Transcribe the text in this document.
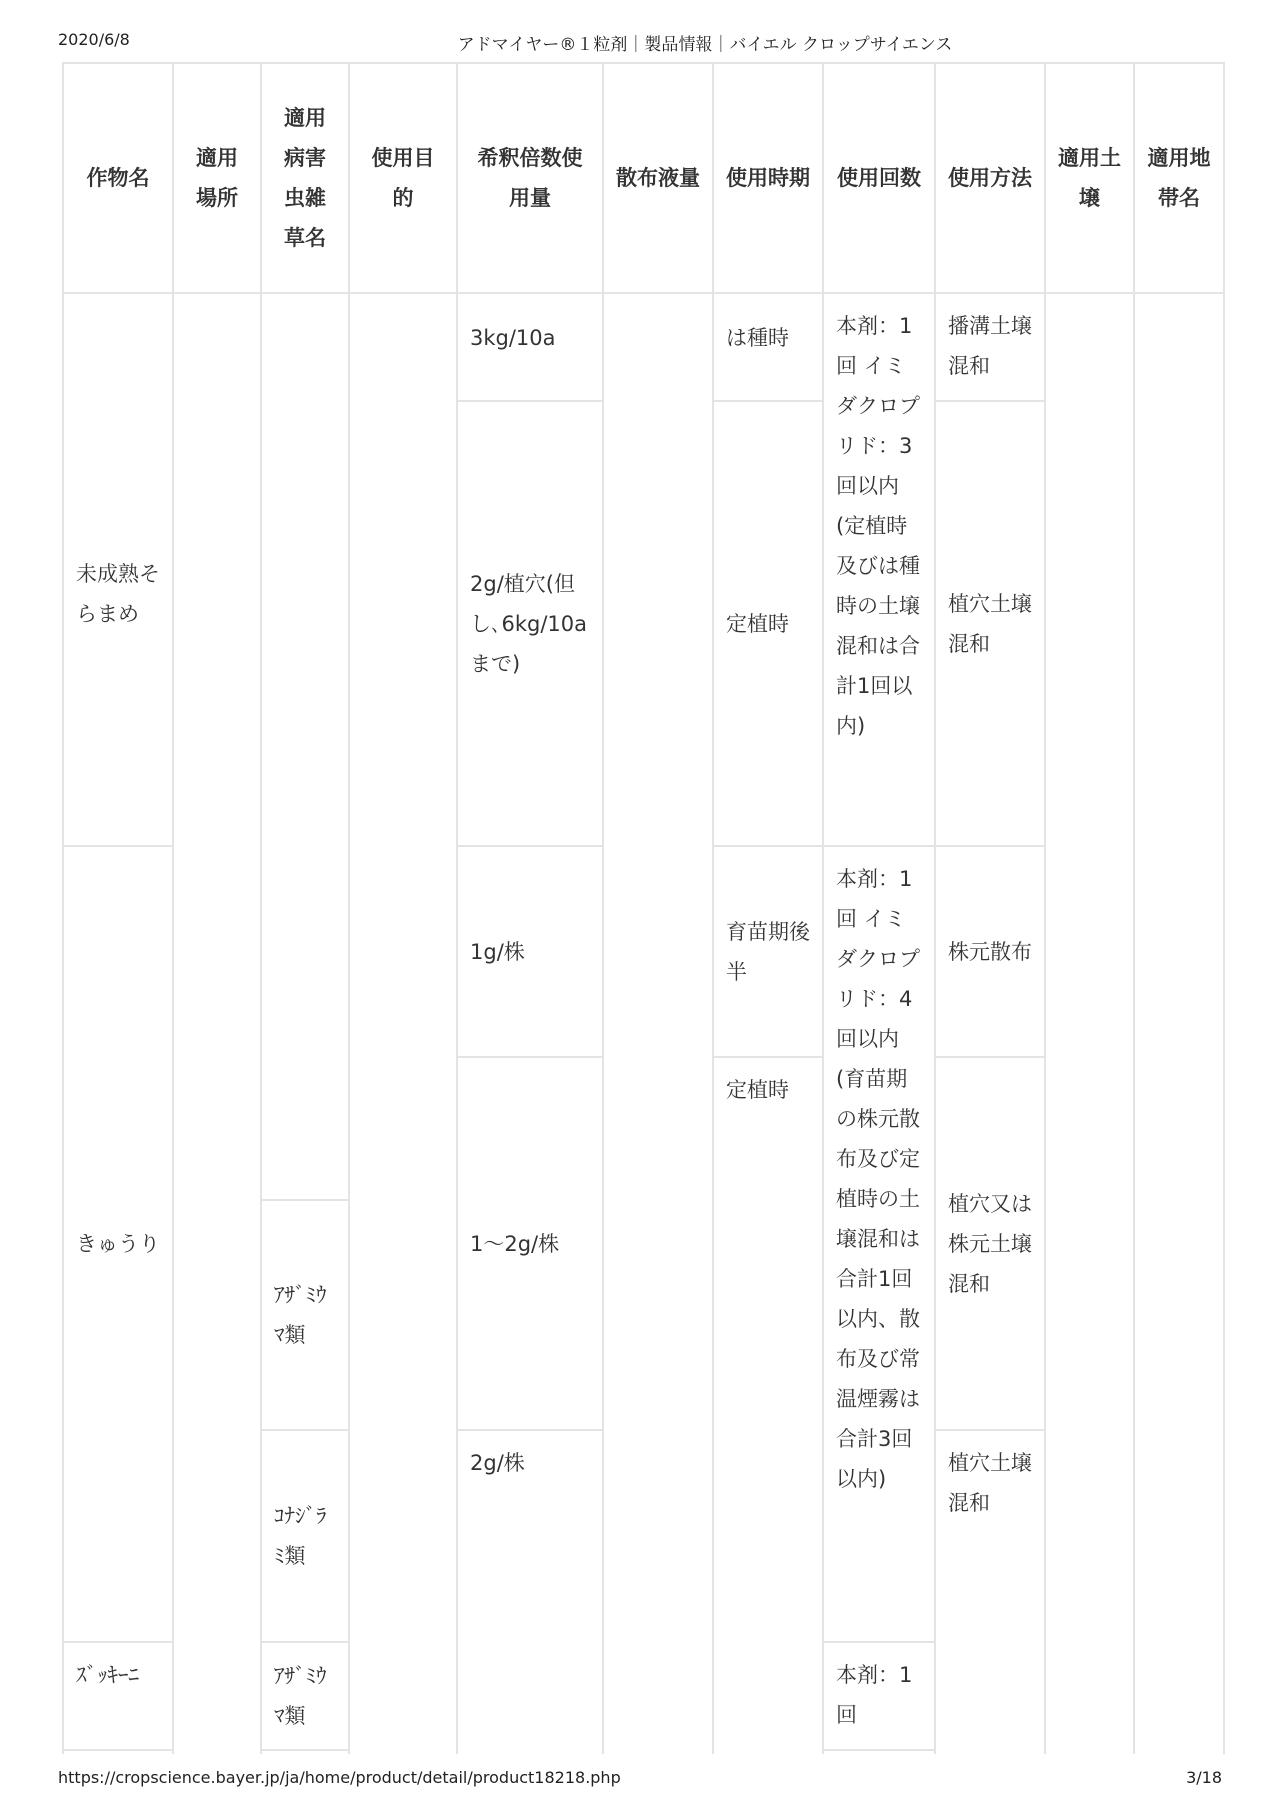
2020/6/8	アドマイヤー®１粒剤｜製品情報｜バイエル クロップサイエンス
作物名	適用場所	適用病害虫雑草名	使用目的	希釈倍数使用量	散布液量	使用時期	使用回数	使用方法	適用土壌	適用地帯名
未成熟そらまめ				3kg/10a		は種時	本剤：1回 イミダクロプリド：3回以内(定植時及びは種時の土壌混和は合計1回以内)	播溝土壌混和		
				2g/植穴(但し､6kg/10aまで)		定植時		植穴土壌混和		
きゅうり				1g/株		育苗期後半	本剤：1回 イミダクロプリド：4回以内(育苗期の株元散布及び定植時の土壌混和は合計1回以内、散布及び常温煙霧は合計3回以内)	株元散布		
				1～2g/株		定植時		植穴又は株元土壌混和		
		ｱｻﾞﾐｳﾏ類								

		ｺﾅｼﾞﾗﾐ類		2g/株				植穴土壌混和		
ｽﾞｯｷｰﾆ		ｱｻﾞﾐｳﾏ類					本剤：1回			

https://cropscience.bayer.jp/ja/home/product/detail/product18218.php	3/18
